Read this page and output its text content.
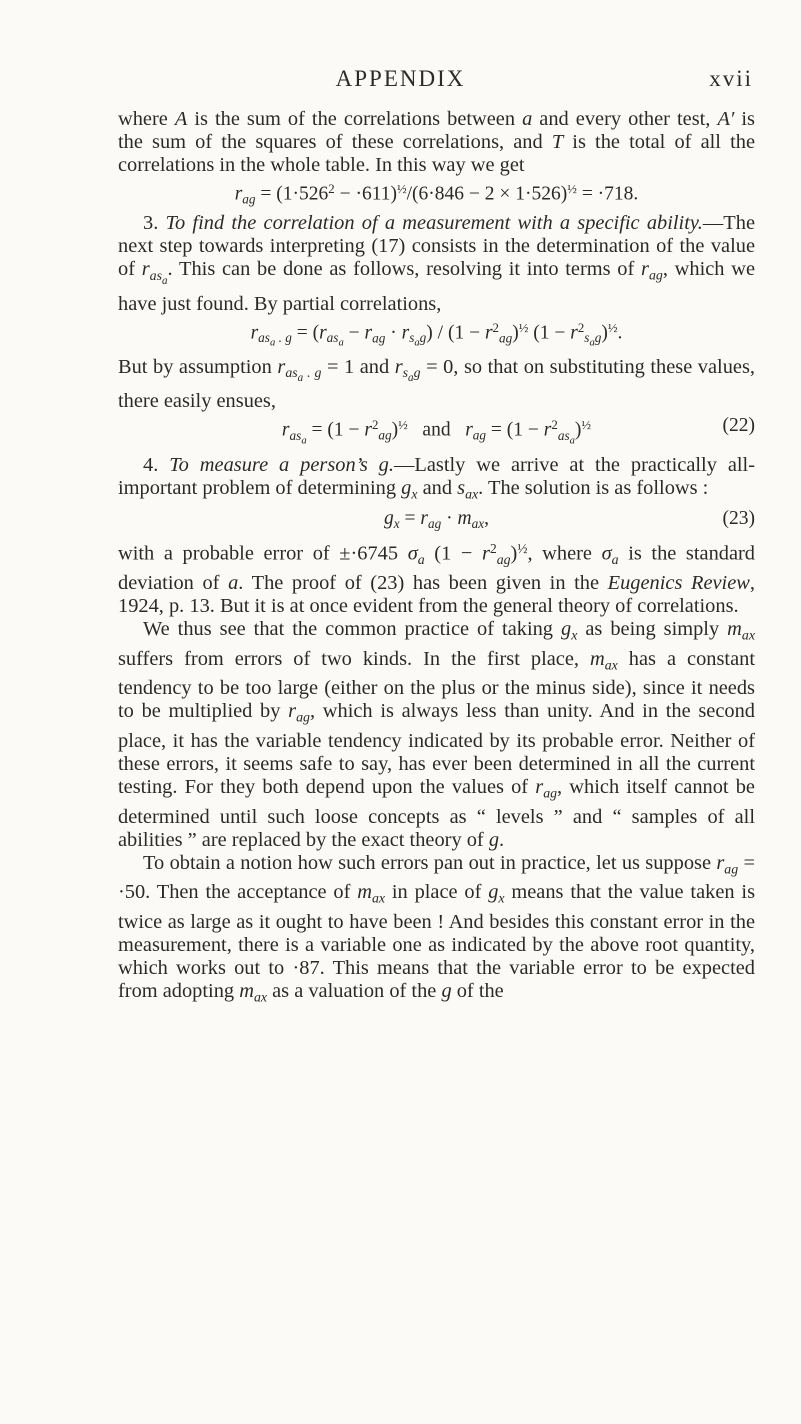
APPENDIX	xvii

where A is the sum of the correlations between a and every other test, A′ is the sum of the squares of these correlations, and T is the total of all the correlations in the whole table. In this way we get

$r_{ag} = (1\cdot 526^2 - \cdot 611)^{\frac{1}{2}}/(6\cdot 846 - 2 \times 1\cdot 526)^{\frac{1}{2}} = \cdot 718$.

3. To find the correlation of a measurement with a specific ability.—The next step towards interpreting (17) consists in the determination of the value of $r_{as_a}$. This can be done as follows, resolving it into terms of $r_{ag}$, which we have just found. By partial correlations,

$r_{as_a . g} = (r_{as_a} - r_{ag} \cdot r_{s_ag}) / (1 - r^2_{ag})^{\frac{1}{2}}$ $(1 - r^2_{s_ag})^{\frac{1}{2}}$.

But by assumption $r_{as_a . g} = 1$ and $r_{s_ag} = 0$, so that on substituting these values, there easily ensues,

$r_{as_a} = (1 - r^2_{ag})^{\frac{1}{2}}$   and   $r_{ag} = (1 - r^2_{as_a})^{\frac{1}{2}}$	(22)

4. To measure a person’s g.—Lastly we arrive at the practically all-important problem of determining $g_x$ and $s_{ax}$. The solution is as follows :

$g_x = r_{ag} \cdot m_{ax}$,	(23)

with a probable error of ±·6745 $\sigma_a$ $(1 - r^2_{ag})^{\frac{1}{2}}$, where $\sigma_a$ is the standard deviation of a. The proof of (23) has been given in the Eugenics Review, 1924, p. 13. But it is at once evident from the general theory of correlations.

We thus see that the common practice of taking $g_x$ as being simply $m_{ax}$ suffers from errors of two kinds. In the first place, $m_{ax}$ has a constant tendency to be too large (either on the plus or the minus side), since it needs to be multiplied by $r_{ag}$, which is always less than unity. And in the second place, it has the variable tendency indicated by its probable error. Neither of these errors, it seems safe to say, has ever been determined in all the current testing. For they both depend upon the values of $r_{ag}$, which itself cannot be determined until such loose concepts as “ levels ” and “ samples of all abilities ” are replaced by the exact theory of g.

To obtain a notion how such errors pan out in practice, let us suppose $r_{ag} = \cdot 50$. Then the acceptance of $m_{ax}$ in place of $g_x$ means that the value taken is twice as large as it ought to have been ! And besides this constant error in the measurement, there is a variable one as indicated by the above root quantity, which works out to ·87. This means that the variable error to be expected from adopting $m_{ax}$ as a valuation of the g of the
